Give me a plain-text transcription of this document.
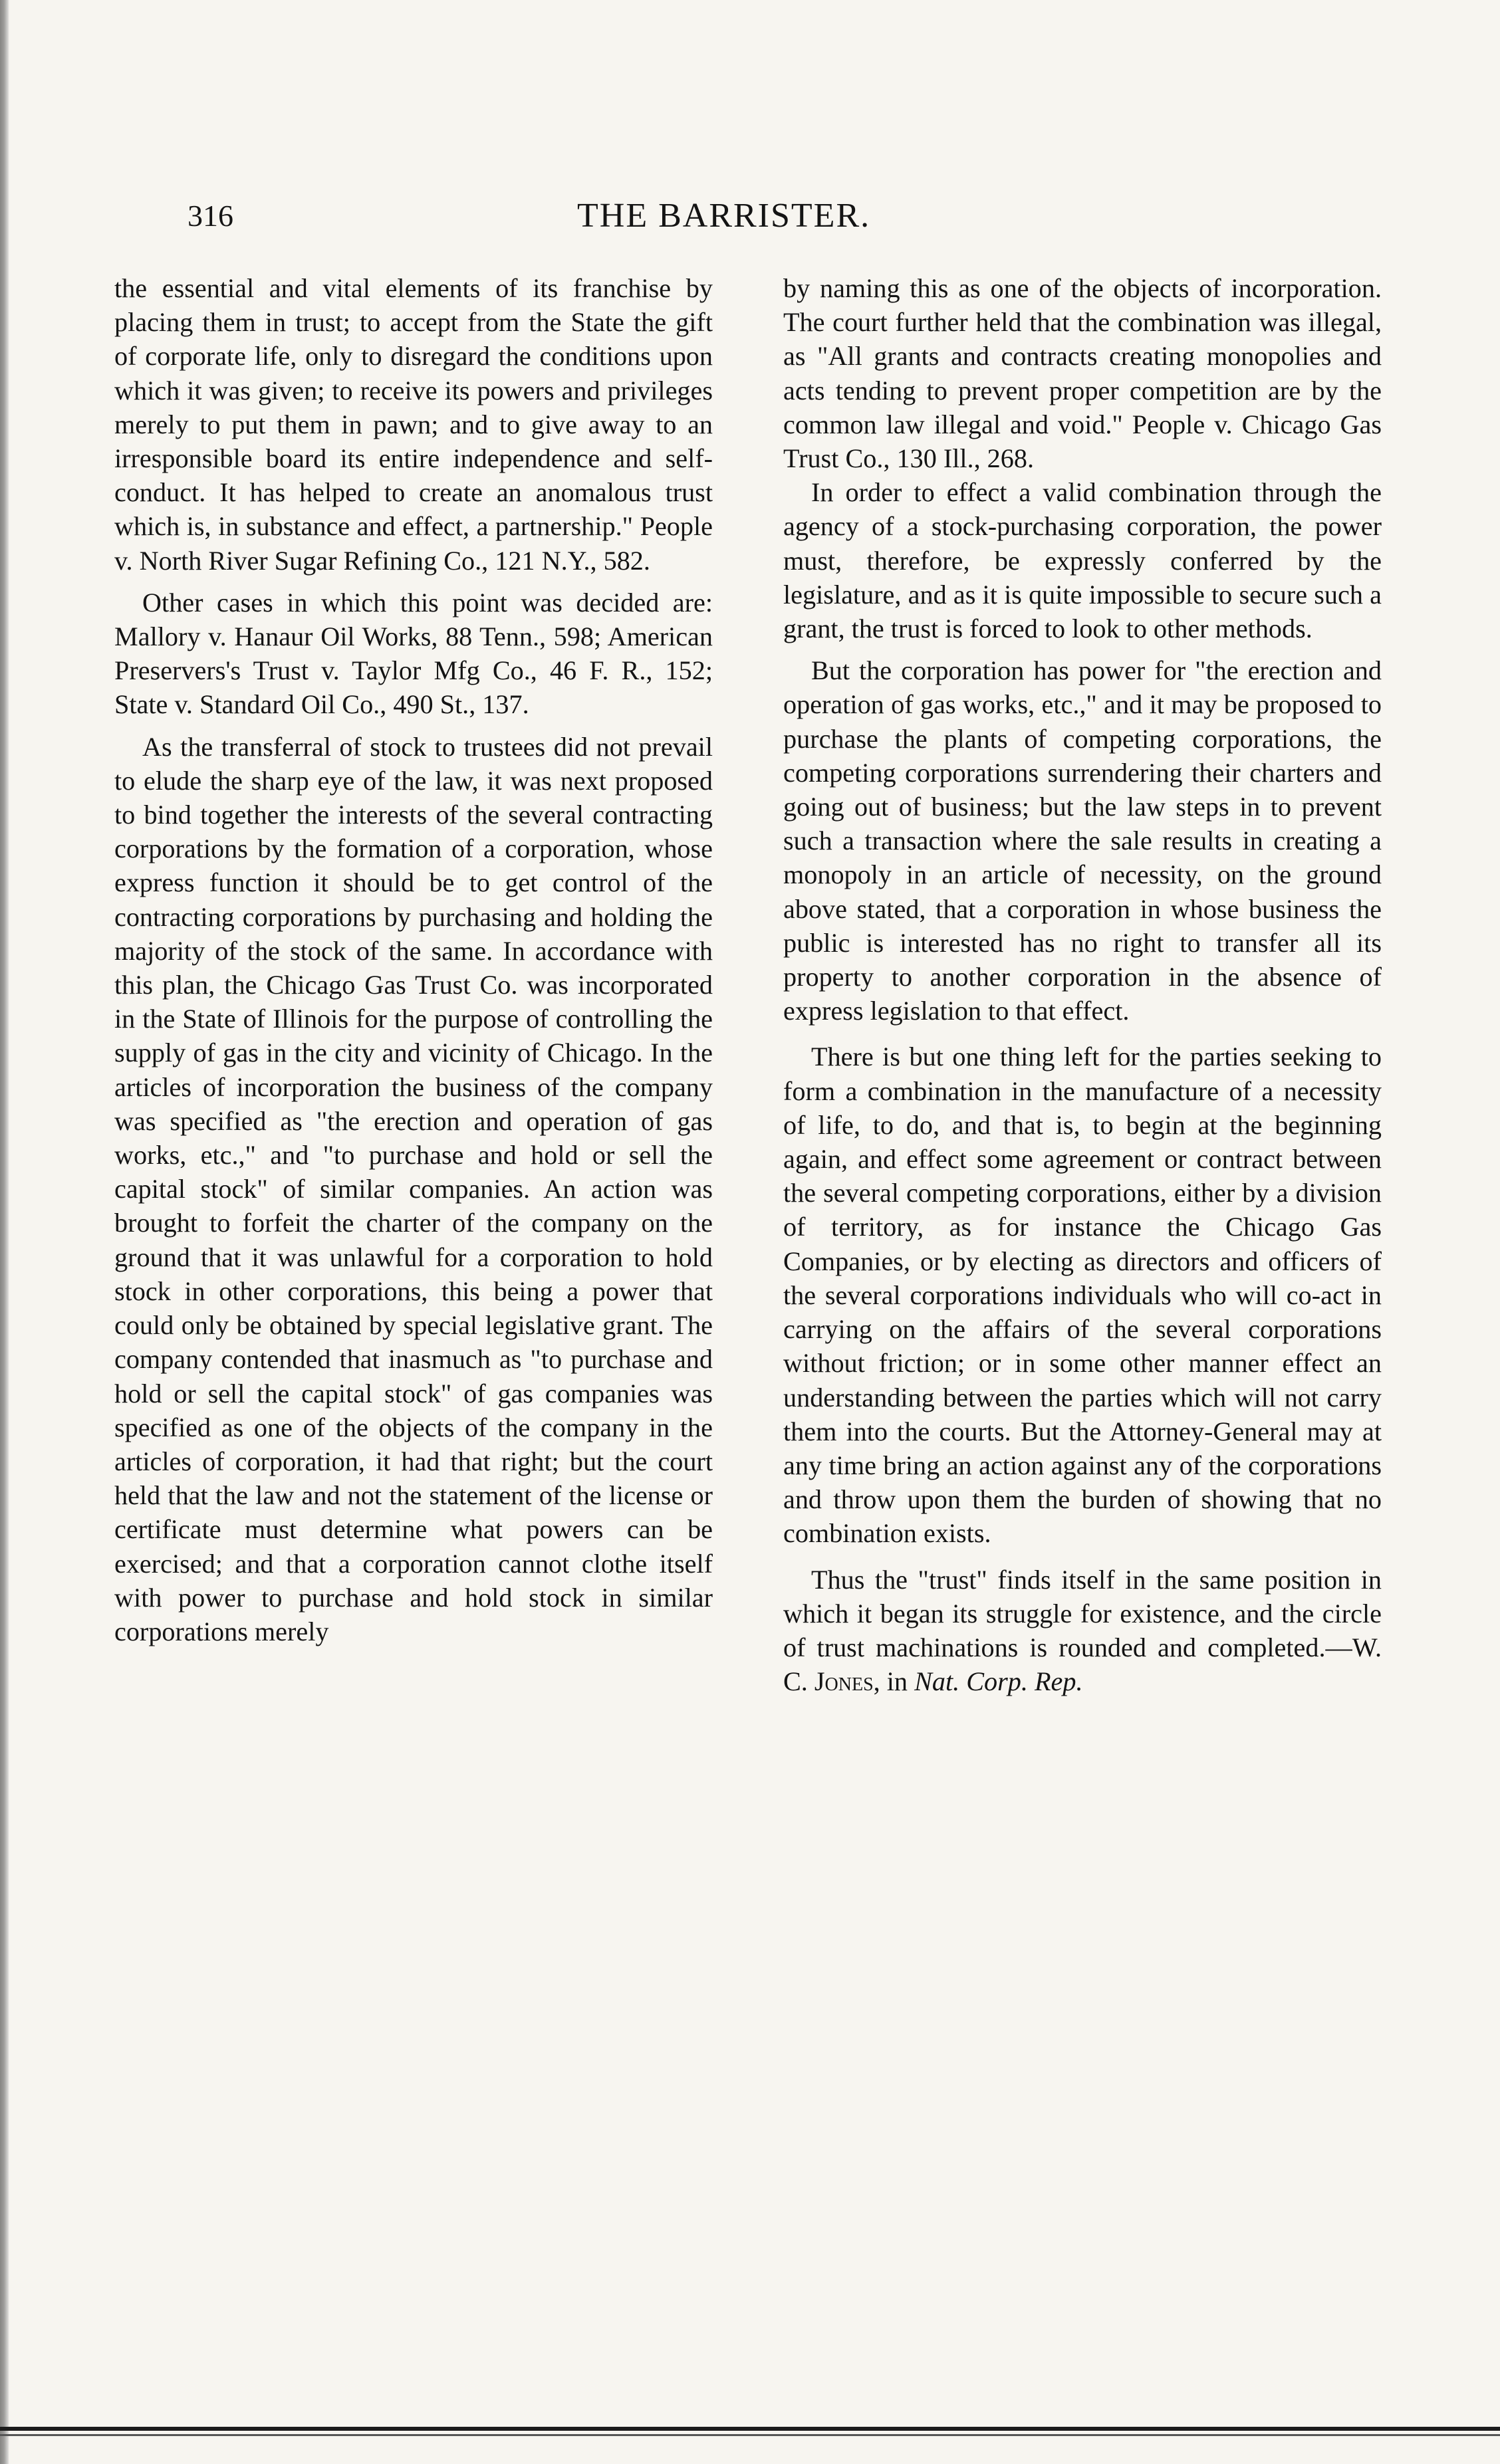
316	THE BARRISTER.

the essential and vital elements of its franchise by placing them in trust; to accept from the State the gift of corporate life, only to disregard the conditions upon which it was given; to receive its powers and privileges merely to put them in pawn; and to give away to an irresponsible board its entire independence and self-conduct. It has helped to create an anomalous trust which is, in substance and effect, a partnership." People v. North River Sugar Refining Co., 121 N.Y., 582.

Other cases in which this point was decided are: Mallory v. Hanaur Oil Works, 88 Tenn., 598; American Preservers's Trust v. Taylor Mfg Co., 46 F. R., 152; State v. Standard Oil Co., 490 St., 137.

As the transferral of stock to trustees did not prevail to elude the sharp eye of the law, it was next proposed to bind together the interests of the several contracting corporations by the formation of a corporation, whose express function it should be to get control of the contracting corporations by purchasing and holding the majority of the stock of the same. In accordance with this plan, the Chicago Gas Trust Co. was incorporated in the State of Illinois for the purpose of controlling the supply of gas in the city and vicinity of Chicago. In the articles of incorporation the business of the company was specified as "the erection and operation of gas works, etc.," and "to purchase and hold or sell the capital stock" of similar companies. An action was brought to forfeit the charter of the company on the ground that it was unlawful for a corporation to hold stock in other corporations, this being a power that could only be obtained by special legislative grant. The company contended that inasmuch as "to purchase and hold or sell the capital stock" of gas companies was specified as one of the objects of the company in the articles of corporation, it had that right; but the court held that the law and not the statement of the license or certificate must determine what powers can be exercised; and that a corporation cannot clothe itself with power to purchase and hold stock in similar corporations merely

by naming this as one of the objects of incorporation. The court further held that the combination was illegal, as "All grants and contracts creating monopolies and acts tending to prevent proper competition are by the common law illegal and void." People v. Chicago Gas Trust Co., 130 Ill., 268.

In order to effect a valid combination through the agency of a stock-purchasing corporation, the power must, therefore, be expressly conferred by the legislature, and as it is quite impossible to secure such a grant, the trust is forced to look to other methods.

But the corporation has power for "the erection and operation of gas works, etc.," and it may be proposed to purchase the plants of competing corporations, the competing corporations surrendering their charters and going out of business; but the law steps in to prevent such a transaction where the sale results in creating a monopoly in an article of necessity, on the ground above stated, that a corporation in whose business the public is interested has no right to transfer all its property to another corporation in the absence of express legislation to that effect.

There is but one thing left for the parties seeking to form a combination in the manufacture of a necessity of life, to do, and that is, to begin at the beginning again, and effect some agreement or contract between the several competing corporations, either by a division of territory, as for instance the Chicago Gas Companies, or by electing as directors and officers of the several corporations individuals who will co-act in carrying on the affairs of the several corporations without friction; or in some other manner effect an understanding between the parties which will not carry them into the courts. But the Attorney-General may at any time bring an action against any of the corporations and throw upon them the burden of showing that no combination exists.

Thus the "trust" finds itself in the same position in which it began its struggle for existence, and the circle of trust machinations is rounded and completed.—W. C. Jones, in Nat. Corp. Rep.
